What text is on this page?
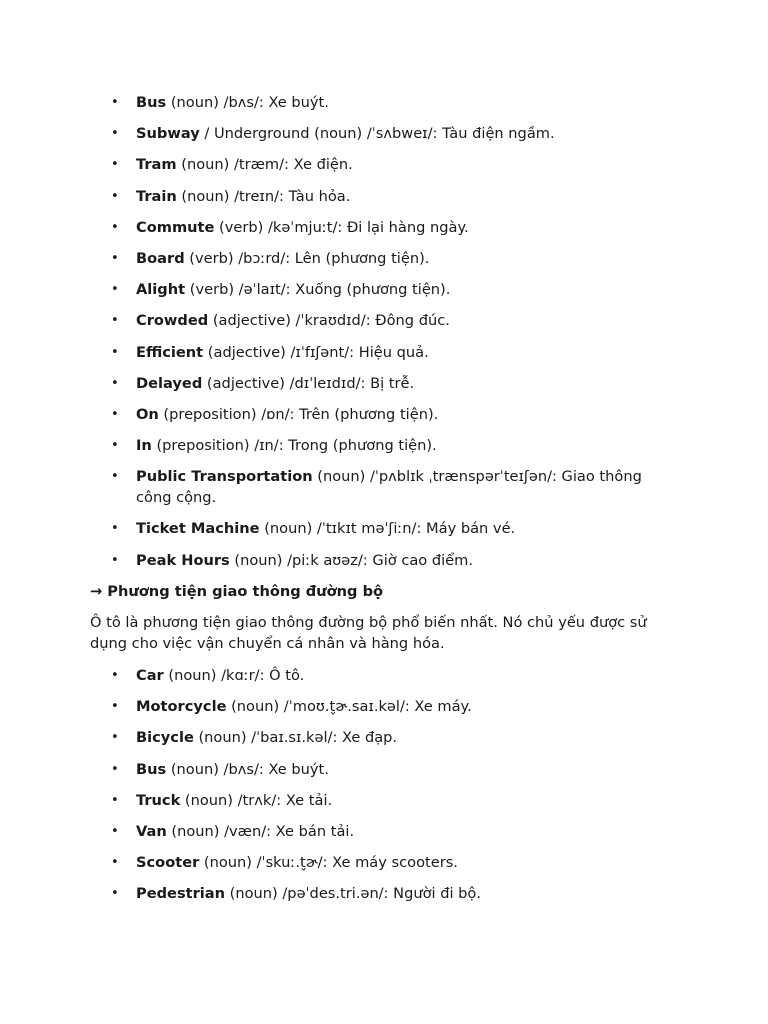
• Bus (noun) /bʌs/: Xe buýt.
• Subway / Underground (noun) /ˈsʌbweɪ/: Tàu điện ngầm.
• Tram (noun) /træm/: Xe điện.
• Train (noun) /treɪn/: Tàu hỏa.
• Commute (verb) /kəˈmjuːt/: Đi lại hàng ngày.
• Board (verb) /bɔːrd/: Lên (phương tiện).
• Alight (verb) /əˈlaɪt/: Xuống (phương tiện).
• Crowded (adjective) /ˈkraʊdɪd/: Đông đúc.
• Efficient (adjective) /ɪˈfɪʃənt/: Hiệu quả.
• Delayed (adjective) /dɪˈleɪdɪd/: Bị trễ.
• On (preposition) /ɒn/: Trên (phương tiện).
• In (preposition) /ɪn/: Trong (phương tiện).
• Public Transportation (noun) /ˈpʌblɪk ˌtrænspərˈteɪʃən/: Giao thông công cộng.
• Ticket Machine (noun) /ˈtɪkɪt məˈʃiːn/: Máy bán vé.
• Peak Hours (noun) /piːk aʊəz/: Giờ cao điểm.
→ Phương tiện giao thông đường bộ
Ô tô là phương tiện giao thông đường bộ phổ biến nhất. Nó chủ yếu được sử dụng cho việc vận chuyển cá nhân và hàng hóa.
• Car (noun) /kɑːr/: Ô tô.
• Motorcycle (noun) /ˈmoʊ.t̬ɚ.saɪ.kəl/: Xe máy.
• Bicycle (noun) /ˈbaɪ.sɪ.kəl/: Xe đạp.
• Bus (noun) /bʌs/: Xe buýt.
• Truck (noun) /trʌk/: Xe tải.
• Van (noun) /væn/: Xe bán tải.
• Scooter (noun) /ˈskuː.t̬ɚ/: Xe máy scooters.
• Pedestrian (noun) /pəˈdes.tri.ən/: Người đi bộ.
